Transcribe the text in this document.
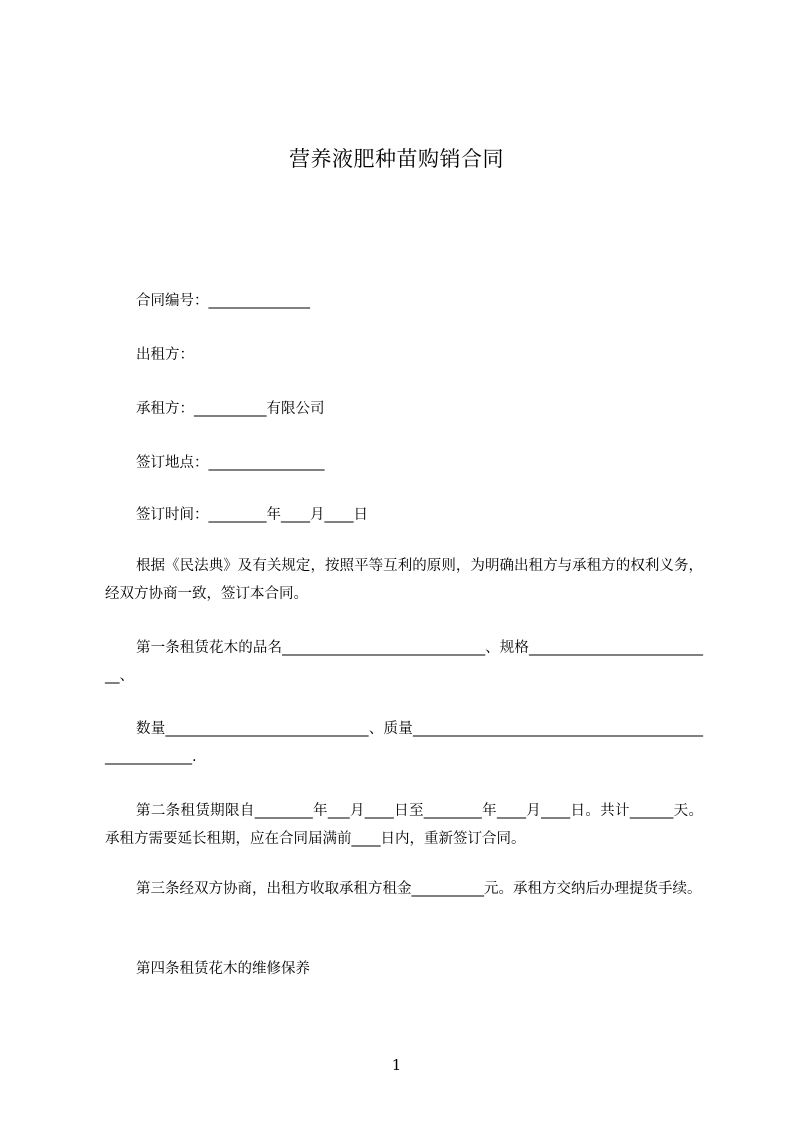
营养液肥种苗购销合同
合同编号：______________
出租方：
承租方：__________有限公司
签订地点：________________
签订时间：________年____月____日

根据《民法典》及有关规定，按照平等互利的原则，为明确出租方与承租方的权利义务，经双方协商一致，签订本合同。

第一条租赁花木的品名____________________________、规格__________________________、

数量____________________________、质量____________________________________________________.

第二条租赁期限自________年___月____日至________年____月____日。共计______天。承租方需要延长租期，应在合同届满前____日内，重新签订合同。

第三条经双方协商，出租方收取承租方租金__________元。承租方交纳后办理提货手续。

第四条租赁花木的维修保养

1
